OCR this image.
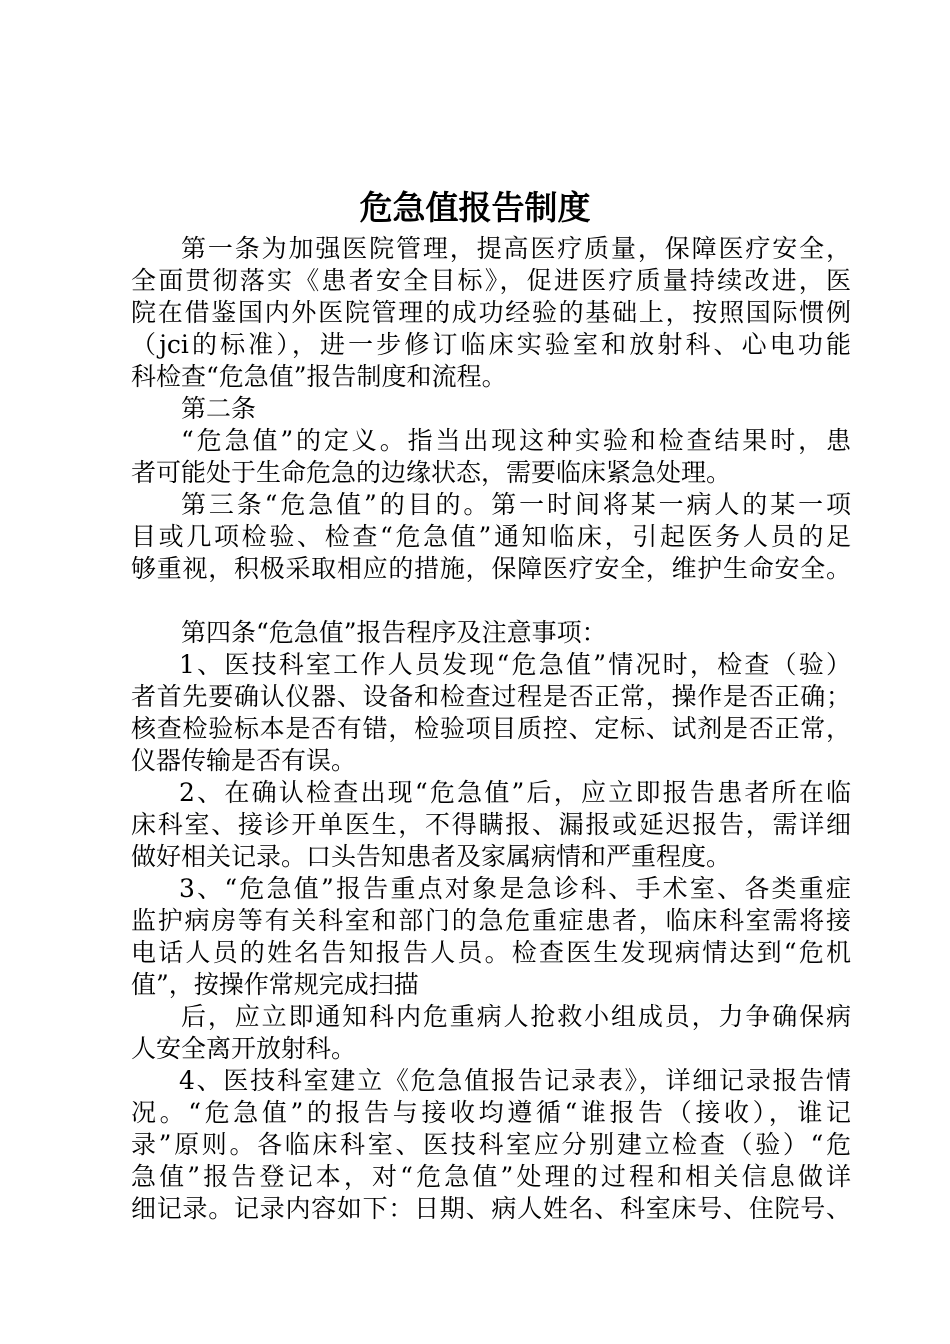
危急值报告制度
第一条为加强医院管理，提高医疗质量，保障医疗安全，
全面贯彻落实《患者安全目标》，促进医疗质量持续改进，医
院在借鉴国内外医院管理的成功经验的基础上，按照国际惯例
（jci的标准），进一步修订临床实验室和放射科、心电功能
科检查“危急值”报告制度和流程。
第二条
“危急值”的定义。指当出现这种实验和检查结果时，患
者可能处于生命危急的边缘状态，需要临床紧急处理。
第三条“危急值”的目的。第一时间将某一病人的某一项
目或几项检验、检查“危急值”通知临床，引起医务人员的足
够重视，积极采取相应的措施，保障医疗安全，维护生命安全。
第四条“危急值”报告程序及注意事项：
1、医技科室工作人员发现“危急值”情况时，检查（验）
者首先要确认仪器、设备和检查过程是否正常，操作是否正确；
核查检验标本是否有错，检验项目质控、定标、试剂是否正常，
仪器传输是否有误。
2、在确认检查出现“危急值”后，应立即报告患者所在临
床科室、接诊开单医生，不得瞒报、漏报或延迟报告，需详细
做好相关记录。口头告知患者及家属病情和严重程度。
3、“危急值”报告重点对象是急诊科、手术室、各类重症
监护病房等有关科室和部门的急危重症患者，临床科室需将接
电话人员的姓名告知报告人员。检查医生发现病情达到“危机
值”，按操作常规完成扫描
后，应立即通知科内危重病人抢救小组成员，力争确保病
人安全离开放射科。
4、医技科室建立《危急值报告记录表》，详细记录报告情
况。“危急值”的报告与接收均遵循“谁报告（接收），谁记
录”原则。各临床科室、医技科室应分别建立检查（验）“危
急值”报告登记本，对“危急值”处理的过程和相关信息做详
细记录。记录内容如下：日期、病人姓名、科室床号、住院号、
